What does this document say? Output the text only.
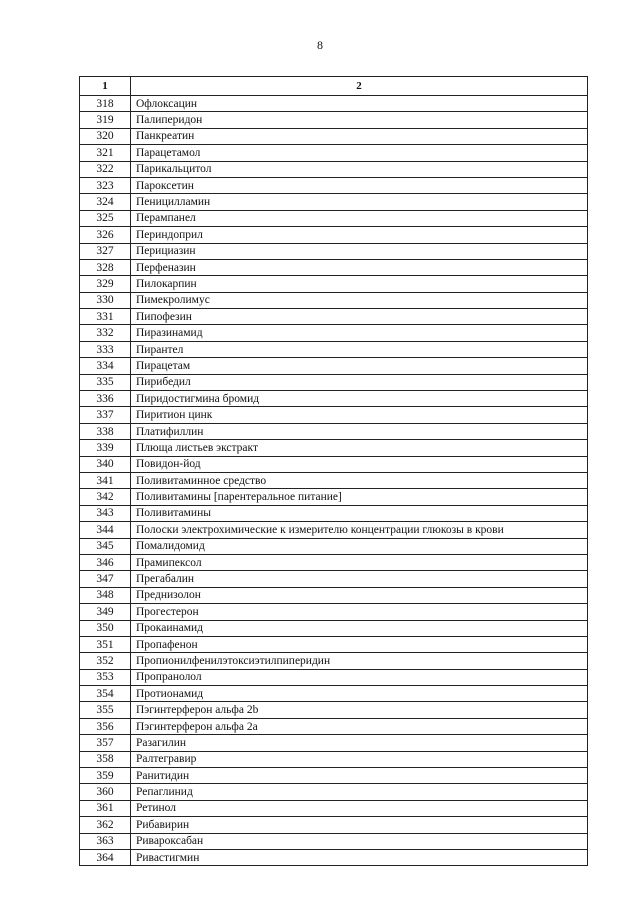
8
1	2
318	Офлоксацин
319	Палиперидон
320	Панкреатин
321	Парацетамол
322	Парикальцитол
323	Пароксетин
324	Пеницилламин
325	Перампанел
326	Периндоприл
327	Перициазин
328	Перфеназин
329	Пилокарпин
330	Пимекролимус
331	Пипофезин
332	Пиразинамид
333	Пирантел
334	Пирацетам
335	Пирибедил
336	Пиридостигмина бромид
337	Пиритион цинк
338	Платифиллин
339	Плюща листьев экстракт
340	Повидон-йод
341	Поливитаминное средство
342	Поливитамины [парентеральное питание]
343	Поливитамины
344	Полоски электрохимические к измерителю концентрации глюкозы в крови
345	Помалидомид
346	Прамипексол
347	Прегабалин
348	Преднизолон
349	Прогестерон
350	Прокаинамид
351	Пропафенон
352	Пропионилфенилэтоксиэтилпиперидин
353	Пропранолол
354	Протионамид
355	Пэгинтерферон альфа 2b
356	Пэгинтерферон альфа 2а
357	Разагилин
358	Ралтегравир
359	Ранитидин
360	Репаглинид
361	Ретинол
362	Рибавирин
363	Ривароксабан
364	Ривастигмин
